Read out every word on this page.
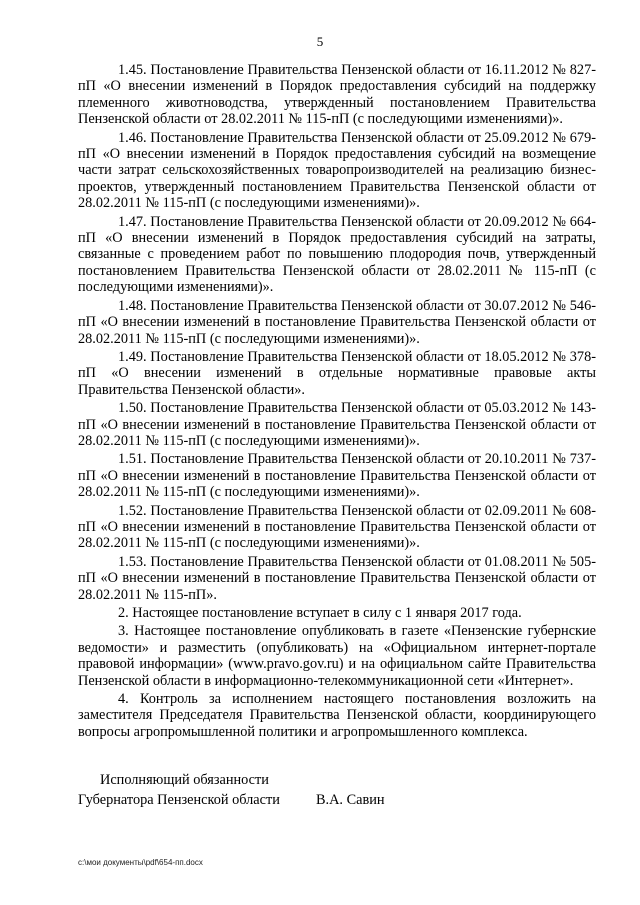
5

1.45. Постановление Правительства Пензенской области от 16.11.2012 № 827-пП «О внесении изменений в Порядок предоставления субсидий на поддержку племенного животноводства, утвержденный постановлением Правительства Пензенской области от 28.02.2011 № 115-пП (с последующими изменениями)».

1.46. Постановление Правительства Пензенской области от 25.09.2012 № 679-пП «О внесении изменений в Порядок предоставления субсидий на возмещение части затрат сельскохозяйственных товаропроизводителей на реализацию бизнес-проектов, утвержденный постановлением Правительства Пензенской области от 28.02.2011 № 115-пП (с последующими изменениями)».

1.47. Постановление Правительства Пензенской области от 20.09.2012 № 664-пП «О внесении изменений в Порядок предоставления субсидий на затраты, связанные с проведением работ по повышению плодородия почв, утвержденный постановлением Правительства Пензенской области от 28.02.2011 № 115-пП (с последующими изменениями)».

1.48. Постановление Правительства Пензенской области от 30.07.2012 № 546-пП «О внесении изменений в постановление Правительства Пензенской области от 28.02.2011 № 115-пП (с последующими изменениями)».

1.49. Постановление Правительства Пензенской области от 18.05.2012 № 378-пП «О внесении изменений в отдельные нормативные правовые акты Правительства Пензенской области».

1.50. Постановление Правительства Пензенской области от 05.03.2012 № 143-пП «О внесении изменений в постановление Правительства Пензенской области от 28.02.2011 № 115-пП (с последующими изменениями)».

1.51. Постановление Правительства Пензенской области от 20.10.2011 № 737-пП «О внесении изменений в постановление Правительства Пензенской области от 28.02.2011 № 115-пП (с последующими изменениями)».

1.52. Постановление Правительства Пензенской области от 02.09.2011 № 608-пП «О внесении изменений в постановление Правительства Пензенской области от 28.02.2011 № 115-пП (с последующими изменениями)».

1.53. Постановление Правительства Пензенской области от 01.08.2011 № 505-пП «О внесении изменений в постановление Правительства Пензенской области от 28.02.2011 № 115-пП».

2. Настоящее постановление вступает в силу с 1 января 2017 года.

3. Настоящее постановление опубликовать в газете «Пензенские губернские ведомости» и разместить (опубликовать) на «Официальном интернет-портале правовой информации» (www.pravo.gov.ru) и на официальном сайте Правительства Пензенской области в информационно-телекоммуникационной сети «Интернет».

4. Контроль за исполнением настоящего постановления возложить на заместителя Председателя Правительства Пензенской области, координирующего вопросы агропромышленной политики и агропромышленного комплекса.

Исполняющий обязанности
Губернатора Пензенской области	В.А. Савин
c:\мои документы\pdf\654-пп.docx
